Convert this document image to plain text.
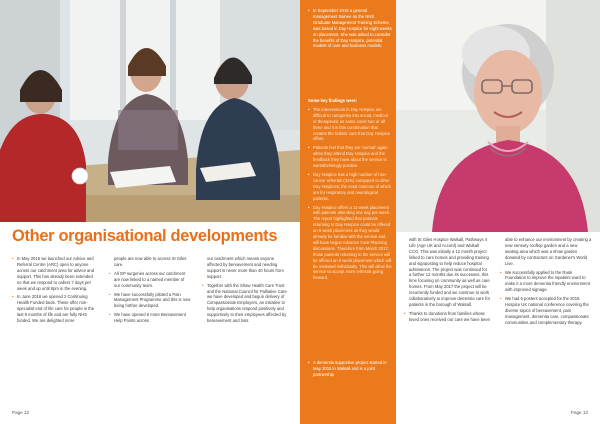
Other organisational developments
• In May 2016 we launched our Advice and Referral Centre (ARC) open to anyone across our catchment area for advice and support. This has already been extended so that we respond to callers 7 days per week and up until 9pm in the evening.
• In June 2016 we opened 2 Continuing Health Funded beds. These offer non-specialist end of life care for people in the last 8 months of life and are fully NHS funded. We are delighted more

people are now able to access St Giles care.

• All GP surgeries across our catchment are now linked to a named member of our community team.
• We have successfully piloted a Pain Management Programme and this is now being further developed.
• We have opened 6 more Bereavement Help Points across

our catchment which means anyone affected by bereavement and needing support is never more than 40 hours from support.

• Together with the Shaw Health Care Trust and the National Council for Palliative Care we have developed and begun delivery of Compassionate Employers, an initiative to help organisations respond positively and supportively to their employees affected by bereavement and loss.
Page 12
• In September 2016 a general management trainee on the NHS Graduate Management Training Scheme, was based in Day Hospice for eight weeks on placement. She was asked to consider the benefits of Day Hospice, potential models of care and business models.
Some key findings were:
• The interventions in Day Hospice are difficult to categorise into social, medical or therapeutic as some cover two or all three and it is this combination that creates the holistic care that Day Hospice offers.
• Patients feel that they are 'normal' again when they attend Day Hospice and the feedback they have about the service is overwhelmingly positive.
• Day Hospice has a high number of non-cancer referrals (31%) compared to other Day Hospices; the most common of which are for respiratory and neurological patients.
• Day Hospice offers a 12 week placement with patients attending one day per week. The report highlighted that patients returning to Day Hospice could be offered an 8 week placement as they would already be familiar with the service and will have begun Advance Care Planning discussions. Therefore from March 2017, those patients returning to the service will be offered an 8 week placement which will be reviewed individually. This will allow the service to accept more referrals going forward.
• A dementia supportive project started in May 2015 in Walsall and is a joint partnership

with St Giles Hospice Walsall, Pathways 4 Life (Age UK and Accord) and Walsall CCG. This was initially a 12 month project linked to care homes and providing training and signposting to help reduce hospital admissions. The project was continued for a further 12 months due its successes, this time focusing on community as well as care homes. From May 2017 the project will be recurrently funded and we continue to work collaboratively to improve dementia care for patients in the borough of Walsall.

• Thanks to donations from families whose loved ones received our care we have been

able to enhance our environment by creating a new sensory rooftop garden and a new seating area which was a show garden donated by contractors on Gardener's World Live.

• We successfully applied to the Rank Foundation to improve the inpatient ward to make it a more dementia friendly environment with improved signage.
• We had 5 posters accepted for the 2016 Hospice UK national conference covering the diverse topics of bereavement, pain management, dementia care, compassionate communities and complementary therapy.
Page 13
